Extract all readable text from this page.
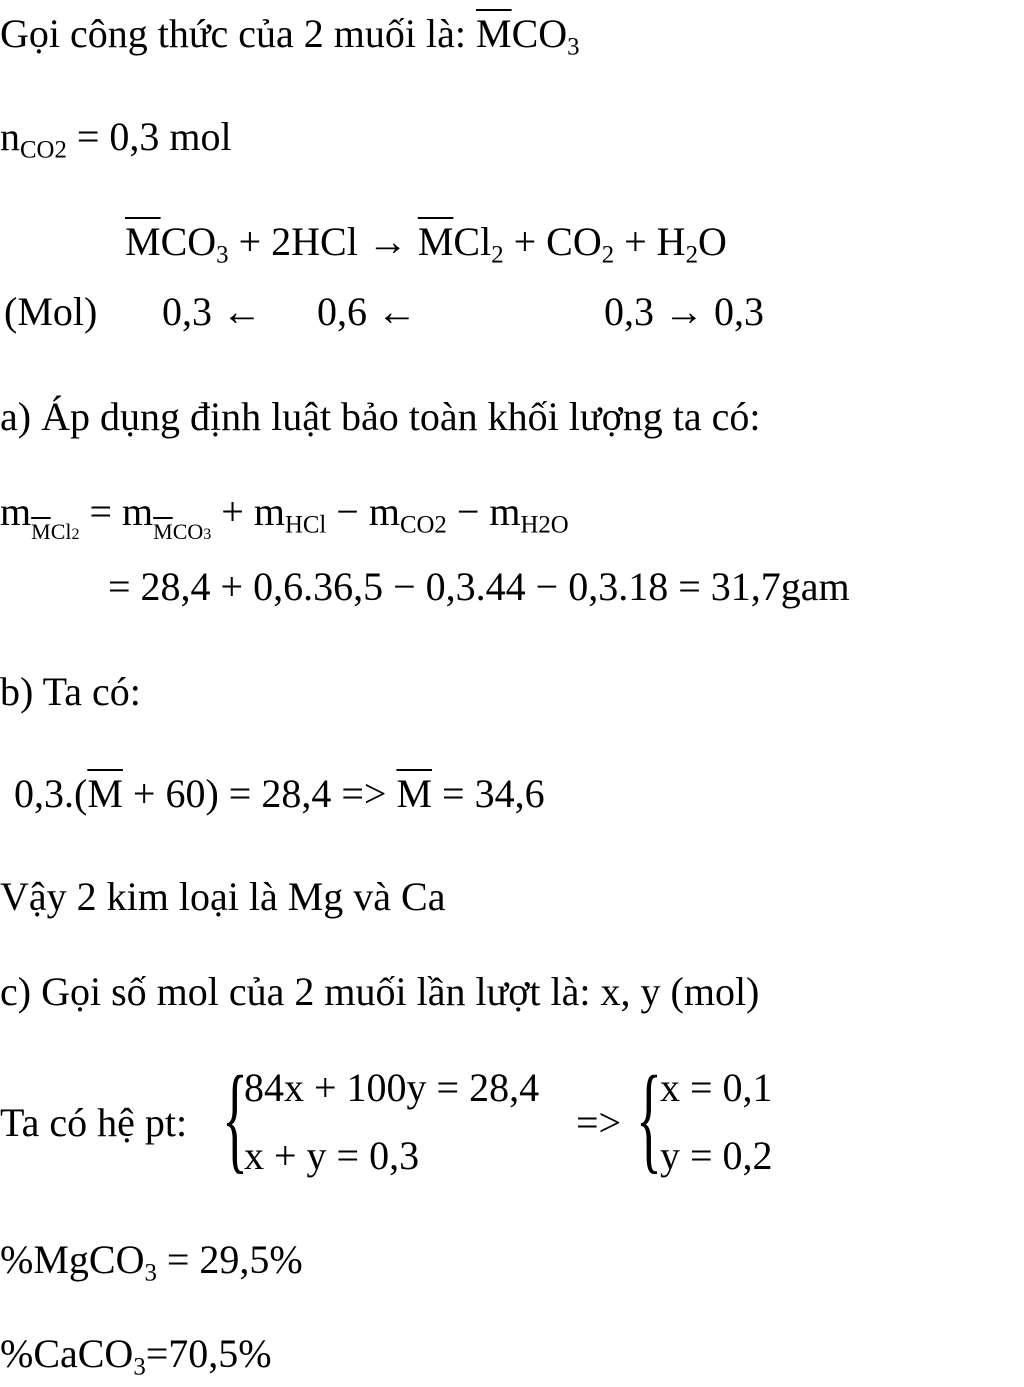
Gọi công thức của 2 muối là: $\overline{M}CO_3$
$n_{CO2} = 0,3$ mol
$\overline{M}CO_3 + 2HCl \to \overline{M}Cl_2 + CO_2 + H_2O$
(Mol) 0,3 ← 0,6 ←	0,3 → 0,3
a) Áp dụng định luật bảo toàn khối lượng ta có:
$m_{\overline{M}Cl2} = m_{\overline{M}CO3} + m_{HCl} - m_{CO2} - m_{H2O}$
= 28,4 + 0,6.36,5 − 0,3.44 − 0,3.18 = 31,7gam
b) Ta có:
$0,3.(\overline{M} + 60) = 28,4 => \overline{M} = 34,6$
Vậy 2 kim loại là Mg và Ca
c) Gọi số mol của 2 muối lần lượt là: x, y (mol)
Ta có hệ pt: {
84x + 100y = 28,4
x + y = 0,3
=> {
x = 0,1
y = 0,2
%MgCO$_3$ = 29,5%
%CaCO$_3$=70,5%
